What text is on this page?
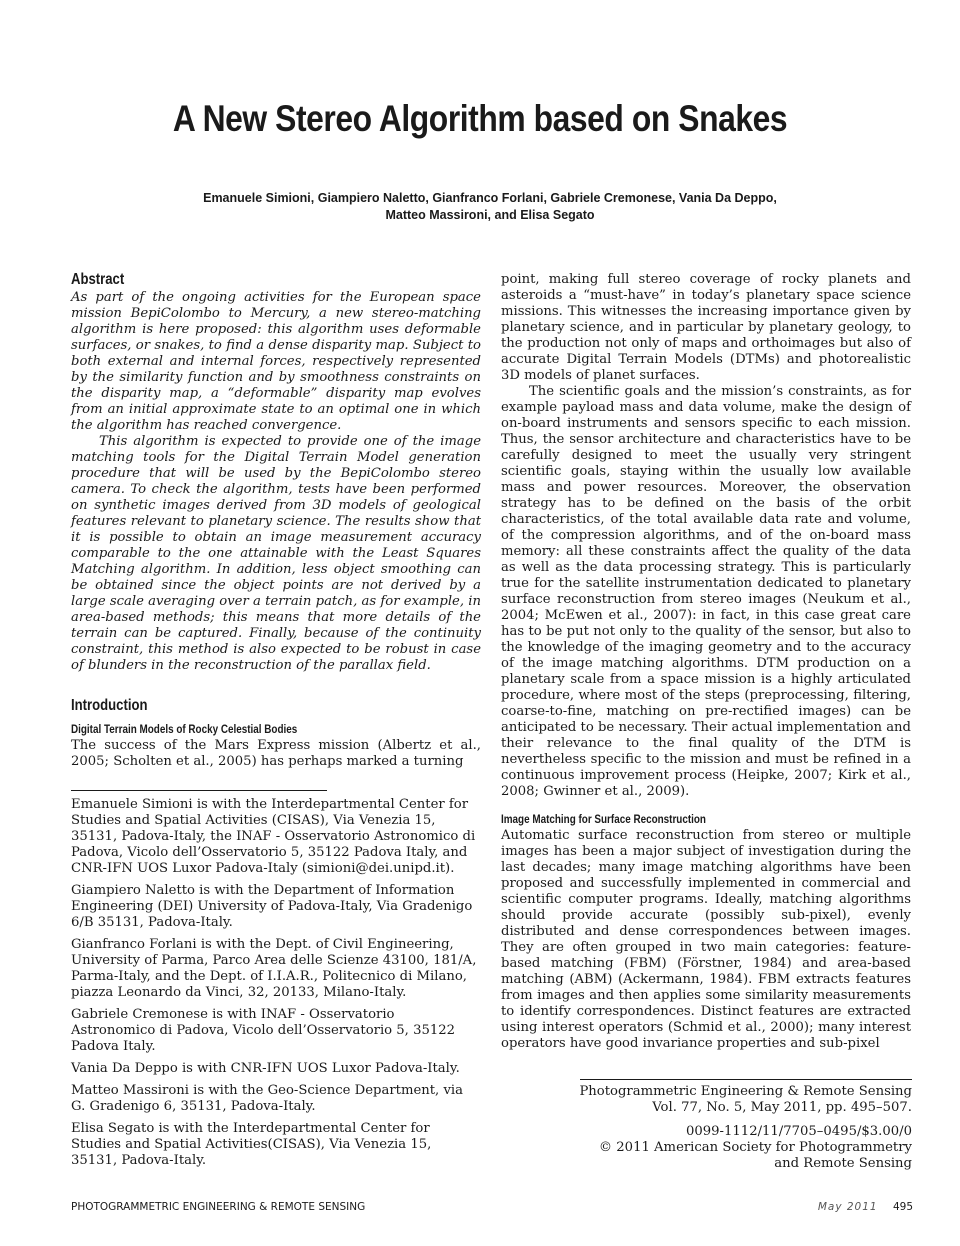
A New Stereo Algorithm based on Snakes
Emanuele Simioni, Giampiero Naletto, Gianfranco Forlani, Gabriele Cremonese, Vania Da Deppo,
Matteo Massironi, and Elisa Segato
Abstract

As part of the ongoing activities for the European space mission BepiColombo to Mercury, a new stereo-matching algorithm is here proposed: this algorithm uses deformable surfaces, or snakes, to find a dense disparity map. Subject to both external and internal forces, respectively represented by the similarity function and by smoothness constraints on the disparity map, a “deformable” disparity map evolves from an initial approximate state to an optimal one in which the algorithm has reached convergence.

This algorithm is expected to provide one of the image matching tools for the Digital Terrain Model generation procedure that will be used by the BepiColombo stereo camera. To check the algorithm, tests have been performed on synthetic images derived from 3D models of geological features relevant to planetary science. The results show that it is possible to obtain an image measurement accuracy comparable to the one attainable with the Least Squares Matching algorithm. In addition, less object smoothing can be obtained since the object points are not derived by a large scale averaging over a terrain patch, as for example, in area-based methods; this means that more details of the terrain can be captured. Finally, because of the continuity constraint, this method is also expected to be robust in case of blunders in the reconstruction of the parallax field.

Introduction
Digital Terrain Models of Rocky Celestial Bodies

The success of the Mars Express mission (Albertz et al., 2005; Scholten et al., 2005) has perhaps marked a turning

Emanuele Simioni is with the Interdepartmental Center for Studies and Spatial Activities (CISAS), Via Venezia 15, 35131, Padova-Italy, the INAF - Osservatorio Astronomico di Padova, Vicolo dell’Osservatorio 5, 35122 Padova Italy, and CNR-IFN UOS Luxor Padova-Italy (simioni@dei.unipd.it).

Giampiero Naletto is with the Department of Information Engineering (DEI) University of Padova-Italy, Via Gradenigo 6/B 35131, Padova-Italy.

Gianfranco Forlani is with the Dept. of Civil Engineering, University of Parma, Parco Area delle Scienze 43100, 181/A, Parma-Italy, and the Dept. of I.I.A.R., Politecnico di Milano, piazza Leonardo da Vinci, 32, 20133, Milano-Italy.

Gabriele Cremonese is with INAF - Osservatorio Astronomico di Padova, Vicolo dell’Osservatorio 5, 35122 Padova Italy.

Vania Da Deppo is with CNR-IFN UOS Luxor Padova-Italy.

Matteo Massironi is with the Geo-Science Department, via G. Gradenigo 6, 35131, Padova-Italy.

Elisa Segato is with the Interdepartmental Center for Studies and Spatial Activities(CISAS), Via Venezia 15, 35131, Padova-Italy.

point, making full stereo coverage of rocky planets and asteroids a “must-have” in today’s planetary space science missions. This witnesses the increasing importance given by planetary science, and in particular by planetary geology, to the production not only of maps and orthoimages but also of accurate Digital Terrain Models (DTMs) and photorealistic 3D models of planet surfaces.

The scientific goals and the mission’s constraints, as for example payload mass and data volume, make the design of on-board instruments and sensors specific to each mission. Thus, the sensor architecture and characteristics have to be carefully designed to meet the usually very stringent scientific goals, staying within the usually low available mass and power resources. Moreover, the observation strategy has to be defined on the basis of the orbit characteristics, of the total available data rate and volume, of the compression algorithms, and of the on-board mass memory: all these constraints affect the quality of the data as well as the data processing strategy. This is particularly true for the satellite instrumentation dedicated to planetary surface reconstruction from stereo images (Neukum et al., 2004; McEwen et al., 2007): in fact, in this case great care has to be put not only to the quality of the sensor, but also to the knowledge of the imaging geometry and to the accuracy of the image matching algorithms. DTM production on a planetary scale from a space mission is a highly articulated procedure, where most of the steps (preprocessing, filtering, coarse-to-fine, matching on pre-rectified images) can be anticipated to be necessary. Their actual implementation and their relevance to the final quality of the DTM is nevertheless specific to the mission and must be refined in a continuous improvement process (Heipke, 2007; Kirk et al., 2008; Gwinner et al., 2009).

Image Matching for Surface Reconstruction

Automatic surface reconstruction from stereo or multiple images has been a major subject of investigation during the last decades; many image matching algorithms have been proposed and successfully implemented in commercial and scientific computer programs. Ideally, matching algorithms should provide accurate (possibly sub-pixel), evenly distributed and dense correspondences between images. They are often grouped in two main categories: feature-based matching (FBM) (Förstner, 1984) and area-based matching (ABM) (Ackermann, 1984). FBM extracts features from images and then applies some similarity measurements to identify correspondences. Distinct features are extracted using interest operators (Schmid et al., 2000); many interest operators have good invariance properties and sub-pixel

Photogrammetric Engineering & Remote Sensing
Vol. 77, No. 5, May 2011, pp. 495–507.
0099-1112/11/7705–0495/$3.00/0
© 2011 American Society for Photogrammetry
and Remote Sensing
PHOTOGRAMMETRIC ENGINEERING & REMOTE SENSING	May 2011 495
